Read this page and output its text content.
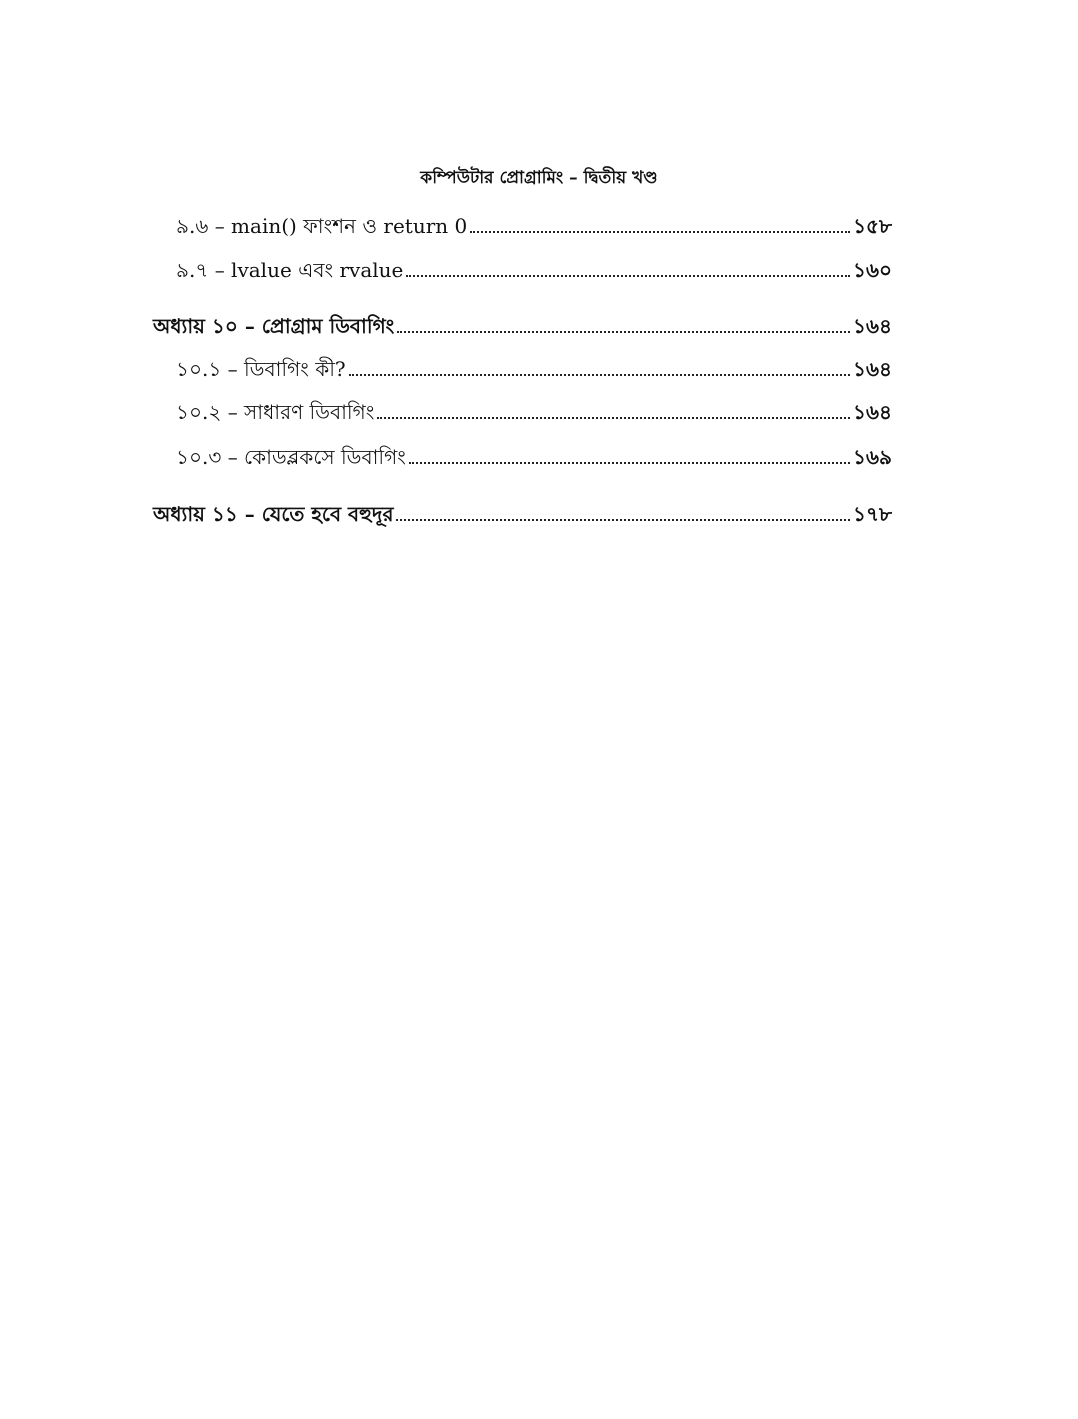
কম্পিউটার প্রোগ্রামিং – দ্বিতীয় খণ্ড
৯.৬ – main() ফাংশন ও return 0	১৫৮
৯.৭ – lvalue এবং rvalue	১৬০
অধ্যায় ১০ – প্রোগ্রাম ডিবাগিং	১৬৪
১০.১ – ডিবাগিং কী?	১৬৪
১০.২ – সাধারণ ডিবাগিং	১৬৪
১০.৩ – কোডব্লকসে ডিবাগিং	১৬৯
অধ্যায় ১১ – যেতে হবে বহুদূর	১৭৮
